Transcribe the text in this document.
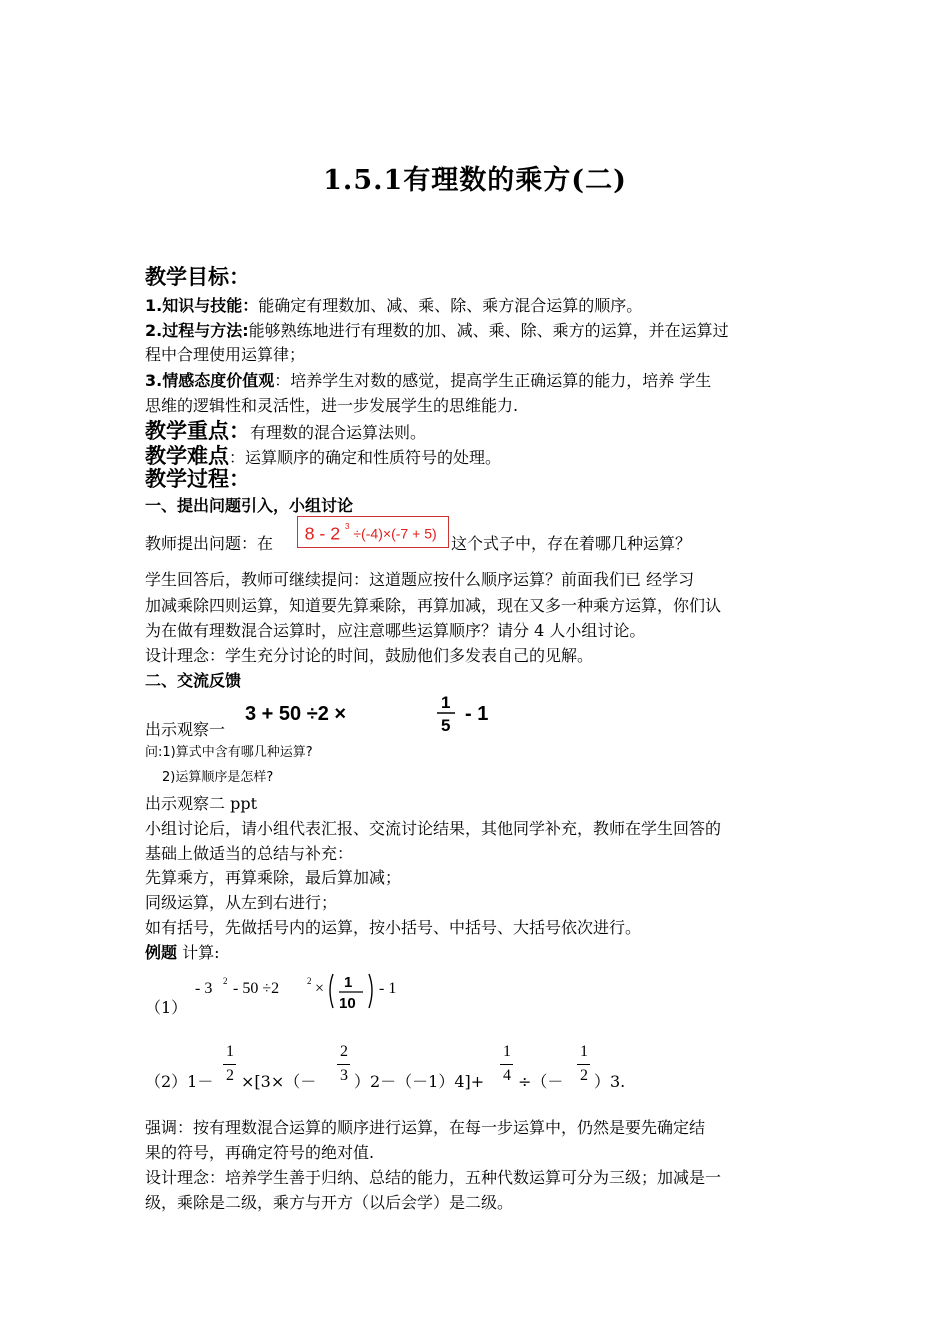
1.5.1有理数的乘方(二)
教学目标：
1.知识与技能：能确定有理数加、减、乘、除、乘方混合运算的顺序。
2.过程与方法:能够熟练地进行有理数的加、减、乘、除、乘方的运算，并在运算过
程中合理使用运算律；
3.情感态度价值观：培养学生对数的感觉，提高学生正确运算的能力，培养 学生
思维的逻辑性和灵活性，进一步发展学生的思维能力.
教学重点：有理数的混合运算法则。
教学难点：运算顺序的确定和性质符号的处理。
教学过程：
一、提出问题引入，小组讨论
教师提出问题：在 8 - 2 3 ÷(-4)×(-7 + 5)
这个式子中，存在着哪几种运算？
学生回答后，教师可继续提问：这道题应按什么顺序运算？前面我们已 经学习
加减乘除四则运算，知道要先算乘除，再算加减，现在又多一种乘方运算，你们认
为在做有理数混合运算时，应注意哪些运算顺序？请分 4 人小组讨论。
设计理念：学生充分讨论的时间，鼓励他们多发表自己的见解。
二、交流反馈
出示观察一
3 + 50 ÷2 ×
1
5
- 1
问:1)算式中含有哪几种运算?
2)运算顺序是怎样?
出示观察二 ppt
小组讨论后，请小组代表汇报、交流讨论结果，其他同学补充，教师在学生回答的
基础上做适当的总结与补充：
先算乘方，再算乘除，最后算加减；
同级运算，从左到右进行；
如有括号，先做括号内的运算，按小括号、中括号、大括号依次进行。
例题 计算:
（1）
- 3 2 - 50 ÷2	2 × 1
10
- 1
（2）1－
1
2 ×[3×（－
2
3 ）2－（－1）4]+
1
4 ÷（－
1
2 ）3.
强调：按有理数混合运算的顺序进行运算，在每一步运算中，仍然是要先确定结
果的符号，再确定符号的绝对值.
设计理念：培养学生善于归纳、总结的能力，五种代数运算可分为三级；加减是一
级，乘除是二级，乘方与开方（以后会学）是二级。
